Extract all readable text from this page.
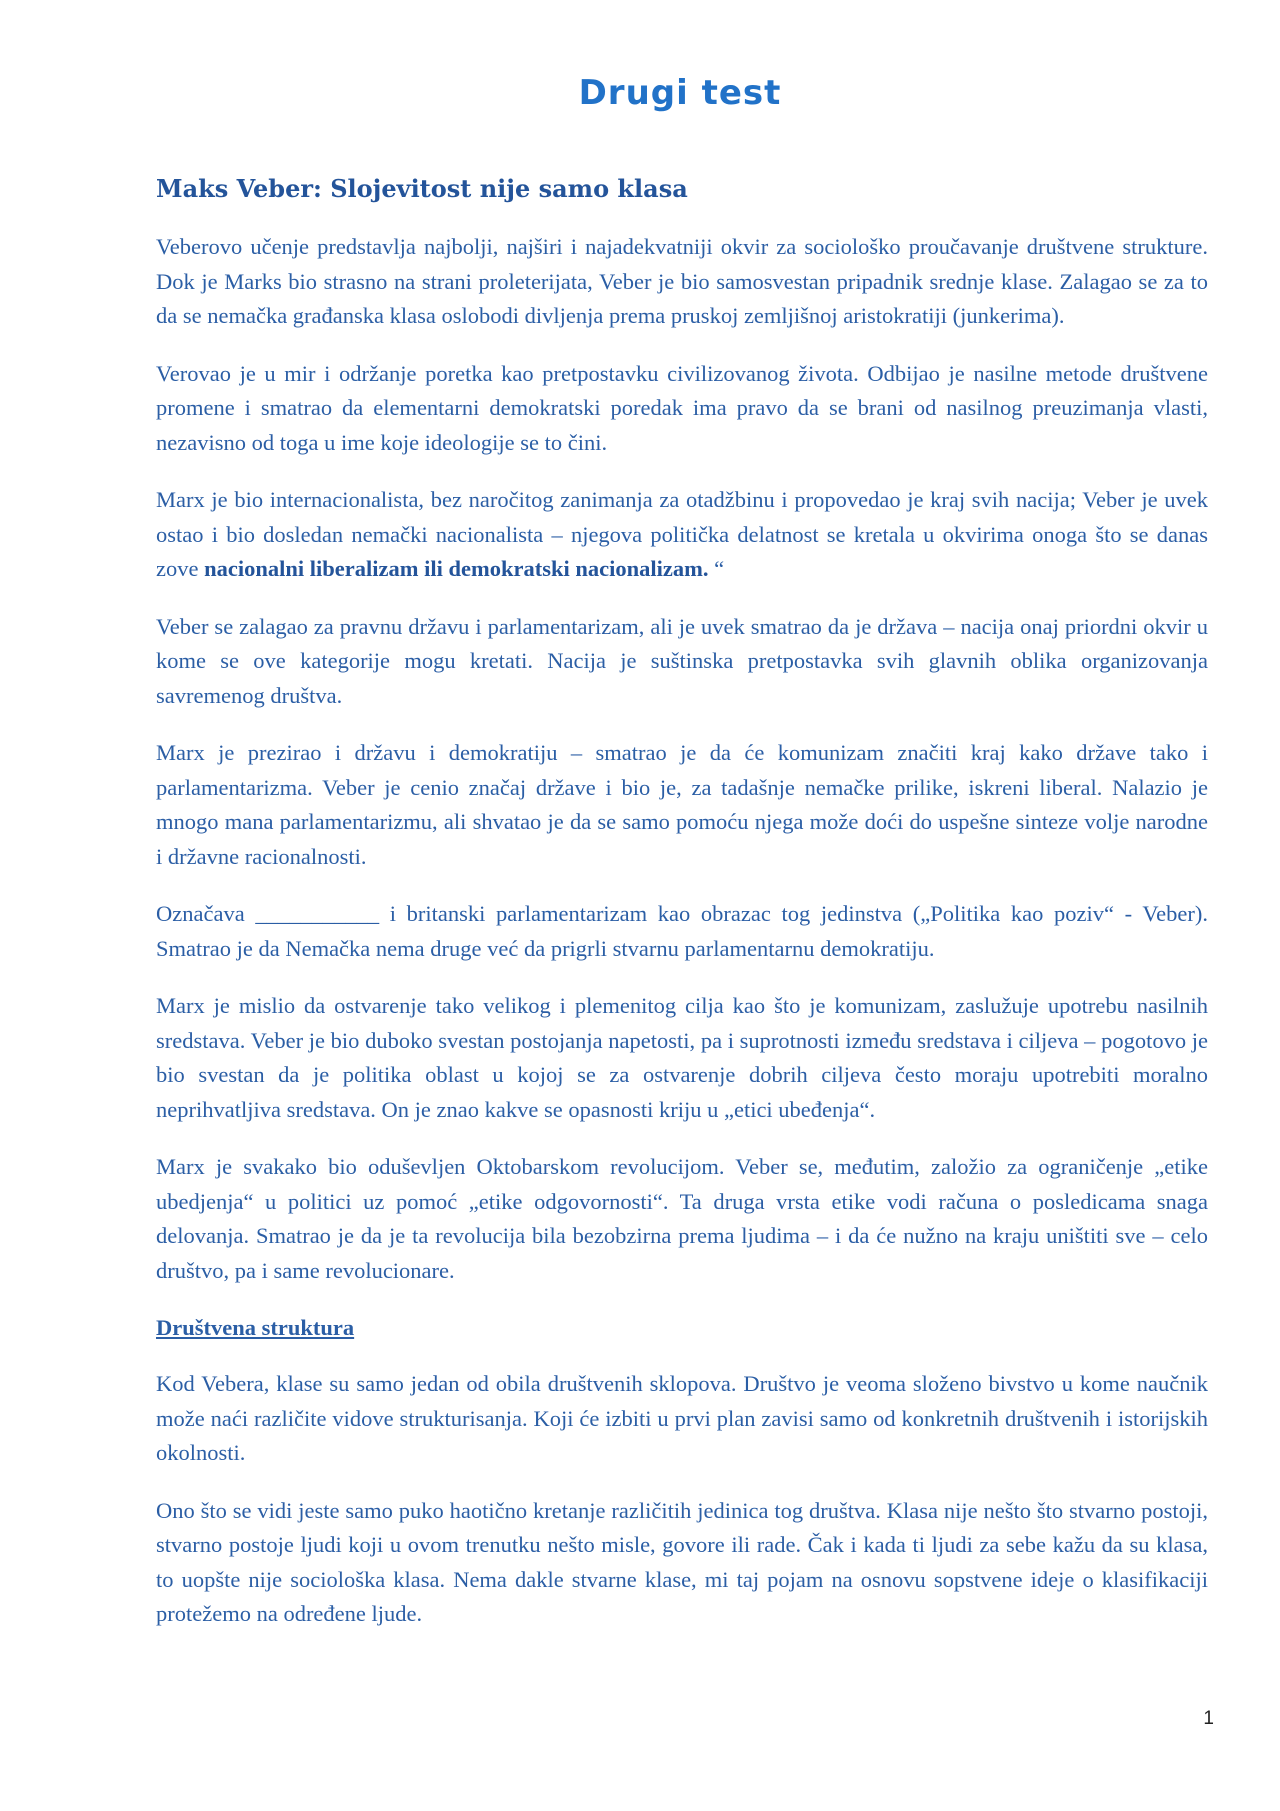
Drugi test
Maks Veber: Slojevitost nije samo klasa

Veberovo učenje predstavlja najbolji, najširi i najadekvatniji okvir za sociološko proučavanje društvene strukture. Dok je Marks bio strasno na strani proleterijata, Veber je bio samosvestan pripadnik srednje klase. Zalagao se za to da se nemačka građanska klasa oslobodi divljenja prema pruskoj zemljišnoj aristokratiji (junkerima).

Verovao je u mir i održanje poretka kao pretpostavku civilizovanog života. Odbijao je nasilne metode društvene promene i smatrao da elementarni demokratski poredak ima pravo da se brani od nasilnog preuzimanja vlasti, nezavisno od toga u ime koje ideologije se to čini.

Marx je bio internacionalista, bez naročitog zanimanja za otadžbinu i propovedao je kraj svih nacija; Veber je uvek ostao i bio dosledan nemački nacionalista – njegova politička delatnost se kretala u okvirima onoga što se danas zove nacionalni liberalizam ili demokratski nacionalizam. “

Veber se zalagao za pravnu državu i parlamentarizam, ali je uvek smatrao da je država – nacija onaj priordni okvir u kome se ove kategorije mogu kretati. Nacija je suštinska pretpostavka svih glavnih oblika organizovanja savremenog društva.

Marx je prezirao i državu i demokratiju – smatrao je da će komunizam značiti kraj kako države tako i parlamentarizma. Veber je cenio značaj države i bio je, za tadašnje nemačke prilike, iskreni liberal. Nalazio je mnogo mana parlamentarizmu, ali shvatao je da se samo pomoću njega može doći do uspešne sinteze volje narodne i državne racionalnosti.

Označava ___________ i britanski parlamentarizam kao obrazac tog jedinstva („Politika kao poziv“ - Veber). Smatrao je da Nemačka nema druge već da prigrli stvarnu parlamentarnu demokratiju.

Marx je mislio da ostvarenje tako velikog i plemenitog cilja kao što je komunizam, zaslužuje upotrebu nasilnih sredstava. Veber je bio duboko svestan postojanja napetosti, pa i suprotnosti između sredstava i ciljeva – pogotovo je bio svestan da je politika oblast u kojoj se za ostvarenje dobrih ciljeva često moraju upotrebiti moralno neprihvatljiva sredstava. On je znao kakve se opasnosti kriju u „etici ubeđenja“.

Marx je svakako bio oduševljen Oktobarskom revolucijom. Veber se, međutim, založio za ograničenje „etike ubedjenja“ u politici uz pomoć „etike odgovornosti“. Ta druga vrsta etike vodi računa o posledicama snaga delovanja. Smatrao je da je ta revolucija bila bezobzirna prema ljudima – i da će nužno na kraju uništiti sve – celo društvo, pa i same revolucionare.

Društvena struktura

Kod Vebera, klase su samo jedan od obila društvenih sklopova. Društvo je veoma složeno bivstvo u kome naučnik može naći različite vidove strukturisanja. Koji će izbiti u prvi plan zavisi samo od konkretnih društvenih i istorijskih okolnosti.

Ono što se vidi jeste samo puko haotično kretanje različitih jedinica tog društva. Klasa nije nešto što stvarno postoji, stvarno postoje ljudi koji u ovom trenutku nešto misle, govore ili rade. Čak i kada ti ljudi za sebe kažu da su klasa, to uopšte nije sociološka klasa. Nema dakle stvarne klase, mi taj pojam na osnovu sopstvene ideje o klasifikaciji protežemo na određene ljude.

1
